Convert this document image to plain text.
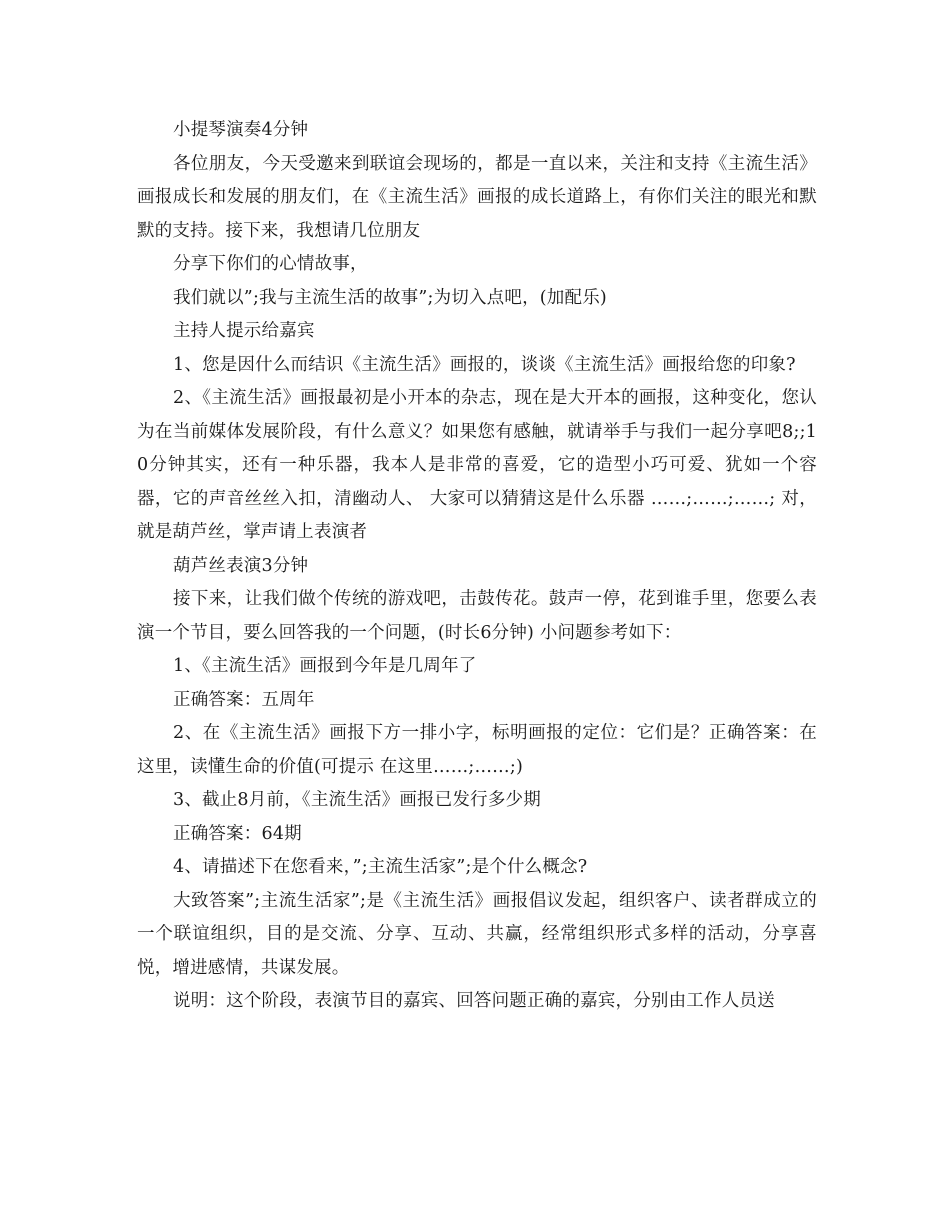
小提琴演奏4分钟

各位朋友，今天受邀来到联谊会现场的，都是一直以来，关注和支持《主流生活》画报成长和发展的朋友们，在《主流生活》画报的成长道路上，有你们关注的眼光和默默的支持。接下来，我想请几位朋友

分享下你们的心情故事，

我们就以”;我与主流生活的故事”;为切入点吧，(加配乐)

主持人提示给嘉宾

1、您是因什么而结识《主流生活》画报的，谈谈《主流生活》画报给您的印象?

2、《主流生活》画报最初是小开本的杂志，现在是大开本的画报，这种变化，您认为在当前媒体发展阶段，有什么意义？如果您有感触，就请举手与我们一起分享吧8;;10分钟其实，还有一种乐器，我本人是非常的喜爱，它的造型小巧可爱、犹如一个容器，它的声音丝丝入扣，清幽动人、 大家可以猜猜这是什么乐器 ……;……;……; 对，就是葫芦丝，掌声请上表演者

葫芦丝表演3分钟

接下来，让我们做个传统的游戏吧，击鼓传花。鼓声一停，花到谁手里，您要么表演一个节目，要么回答我的一个问题，(时长6分钟) 小问题参考如下：

1、《主流生活》画报到今年是几周年了

正确答案：五周年

2、在《主流生活》画报下方一排小字，标明画报的定位：它们是？正确答案：在这里，读懂生命的价值(可提示 在这里……;……;)

3、截止8月前，《主流生活》画报已发行多少期

正确答案：64期

4、请描述下在您看来，”;主流生活家”;是个什么概念?

大致答案”;主流生活家”;是《主流生活》画报倡议发起，组织客户、读者群成立的一个联谊组织，目的是交流、分享、互动、共赢，经常组织形式多样的活动，分享喜悦，增进感情，共谋发展。

说明：这个阶段，表演节目的嘉宾、回答问题正确的嘉宾，分别由工作人员送
